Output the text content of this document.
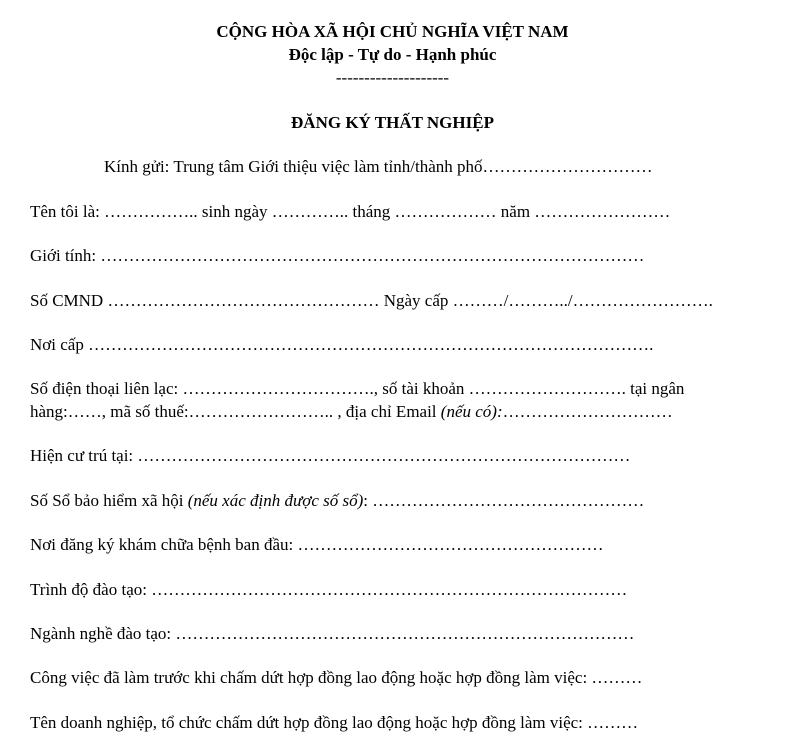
CỘNG HÒA XÃ HỘI CHỦ NGHĨA VIỆT NAM
Độc lập - Tự do - Hạnh phúc
--------------------
ĐĂNG KÝ THẤT NGHIỆP
Kính gửi: Trung tâm Giới thiệu việc làm tỉnh/thành phố…………………………
Tên tôi là: …………….. sinh ngày ………….. tháng ……………… năm ……………………
Giới tính: ……………………………………………………………………………………
Số CMND ………………………………………… Ngày cấp ………/………../…………………….
Nơi cấp ……………………………………………………………………………………….
Số điện thoại liên lạc: ……………………………., số tài khoản ………………………. tại ngân
hàng:……, mã số thuế:…………………….. , địa chỉ Email (nếu có):…………………………
Hiện cư trú tại: ……………………………………………………………………………
Số Sổ bảo hiểm xã hội (nếu xác định được số sổ): …………………………………………
Nơi đăng ký khám chữa bệnh ban đầu: ………………………………………………
Trình độ đào tạo: …………………………………………………………………………
Ngành nghề đào tạo: ………………………………………………………………………
Công việc đã làm trước khi chấm dứt hợp đồng lao động hoặc hợp đồng làm việc: ………
Tên doanh nghiệp, tổ chức chấm dứt hợp đồng lao động hoặc hợp đồng làm việc: ………
